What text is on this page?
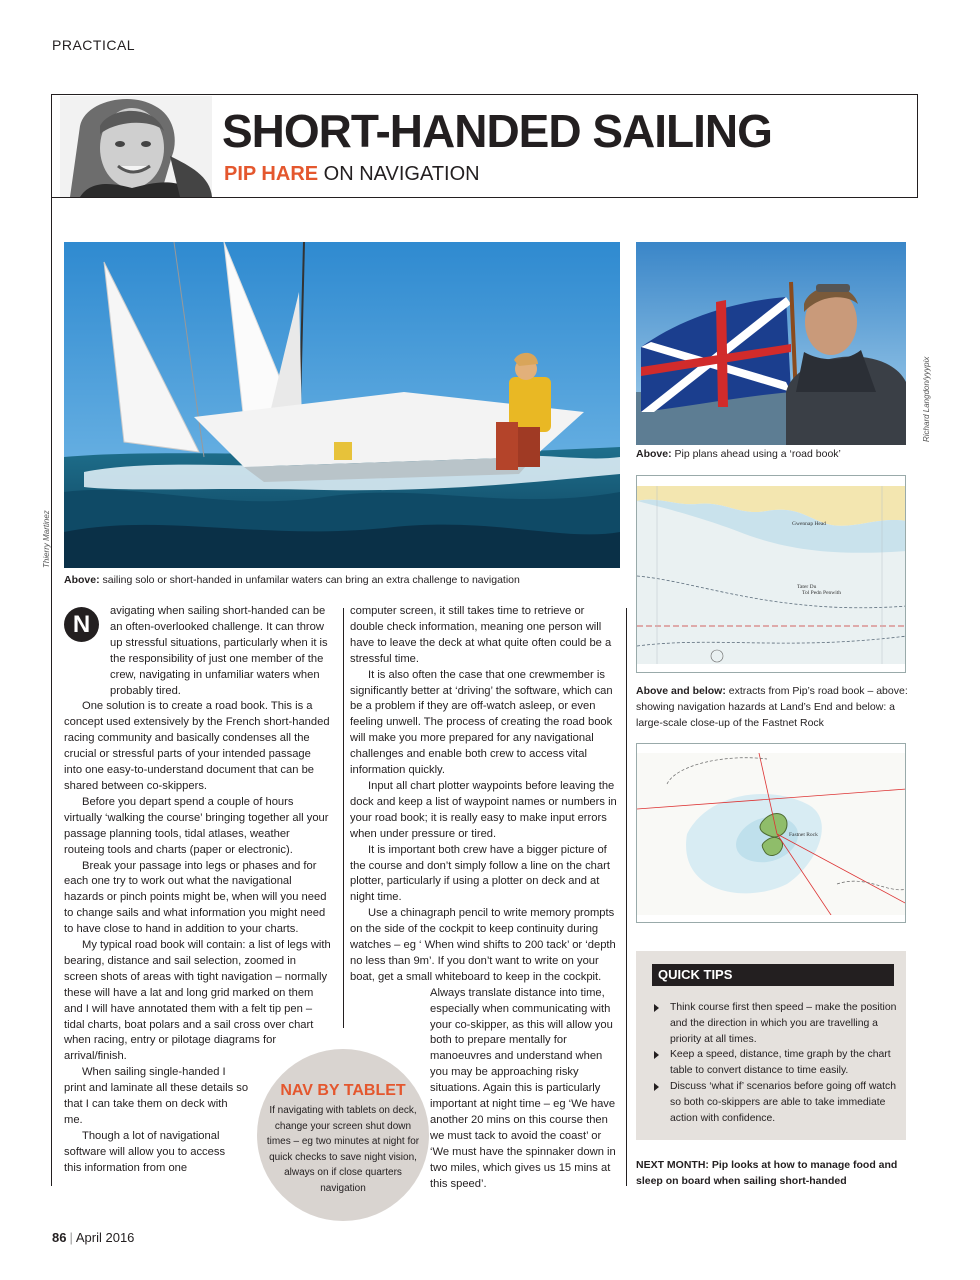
PRACTICAL
SHORT-HANDED SAILING
PIP HARE ON NAVIGATION
Thierry Martinez
Richard Langdon/yyypix
Above: Pip plans ahead using a ‘road book’
Gwennap Head
Tol Pedn Penwith
Tater Du
Above and below: extracts from Pip’s road book – above: showing navigation hazards at Land’s End and below: a large-scale close-up of the Fastnet Rock
Fastnet Rock
Above: sailing solo or short-handed in unfamilar waters can bring an extra challenge to navigation
N	avigating when sailing short-handed can be an often-overlooked challenge. It can throw up stressful situations, particularly when it is the responsibility of just one member of the crew, navigating in unfamiliar waters when probably tired.

One solution is to create a road book. This is a concept used extensively by the French short-handed racing community and basically condenses all the crucial or stressful parts of your intended passage into one easy-to-understand document that can be shared between co-skippers.

Before you depart spend a couple of hours virtually ‘walking the course’ bringing together all your passage planning tools, tidal atlases, weather routeing tools and charts (paper or electronic).

Break your passage into legs or phases and for each one try to work out what the navigational hazards or pinch points might be, when will you need to change sails and what information you might need to have close to hand in addition to your charts.

My typical road book will contain: a list of legs with bearing, distance and sail selection, zoomed in screen shots of areas with tight navigation – normally these will have a lat and long grid marked on them and I will have annotated them with a felt tip pen – tidal charts, boat polars and a sail cross over chart when racing, entry or pilotage diagrams for arrival/finish.

When sailing single-handed I print and laminate all these details so that I can take them on deck with me.

Though a lot of navigational software will allow you to access this information from one

computer screen, it still takes time to retrieve or double check information, meaning one person will have to leave the deck at what quite often could be a stressful time.

It is also often the case that one crewmember is significantly better at ‘driving’ the software, which can be a problem if they are off-watch asleep, or even feeling unwell. The process of creating the road book will make you more prepared for any navigational challenges and enable both crew to access vital information quickly.

Input all chart plotter waypoints before leaving the dock and keep a list of waypoint names or numbers in your road book; it is really easy to make input errors when under pressure or tired.

It is important both crew have a bigger picture of the course and don’t simply follow a line on the chart plotter, particularly if using a plotter on deck and at night time.

Use a chinagraph pencil to write memory prompts on the side of the cockpit to keep continuity during watches – eg ‘ When wind shifts to 200 tack’ or ‘depth no less than 9m’. If you don’t want to write on your boat, get a small whiteboard to keep in the cockpit.

Always translate distance into time, especially when communicating with your co-skipper, as this will allow you both to prepare mentally for manoeuvres and understand when you may be approaching risky situations. Again this is particularly important at night time – eg ‘We have another 20 mins on this course then we must tack to avoid the coast’ or ‘We must have the spinnaker down in two miles, which gives us 15 mins at this speed’.

NAV BY TABLET
If navigating with tablets on deck, change your screen shut down times – eg two minutes at night for quick checks to save night vision, always on if close quarters navigation
QUICK TIPS
Think course first then speed – make the position and the direction in which you are travelling a priority at all times.
Keep a speed, distance, time graph by the chart table to convert distance to time easily.
Discuss ‘what if’ scenarios before going off watch so both co-skippers are able to take immediate action with confidence.
NEXT MONTH: Pip looks at how to manage food and sleep on board when sailing short-handed
86 | April 2016
